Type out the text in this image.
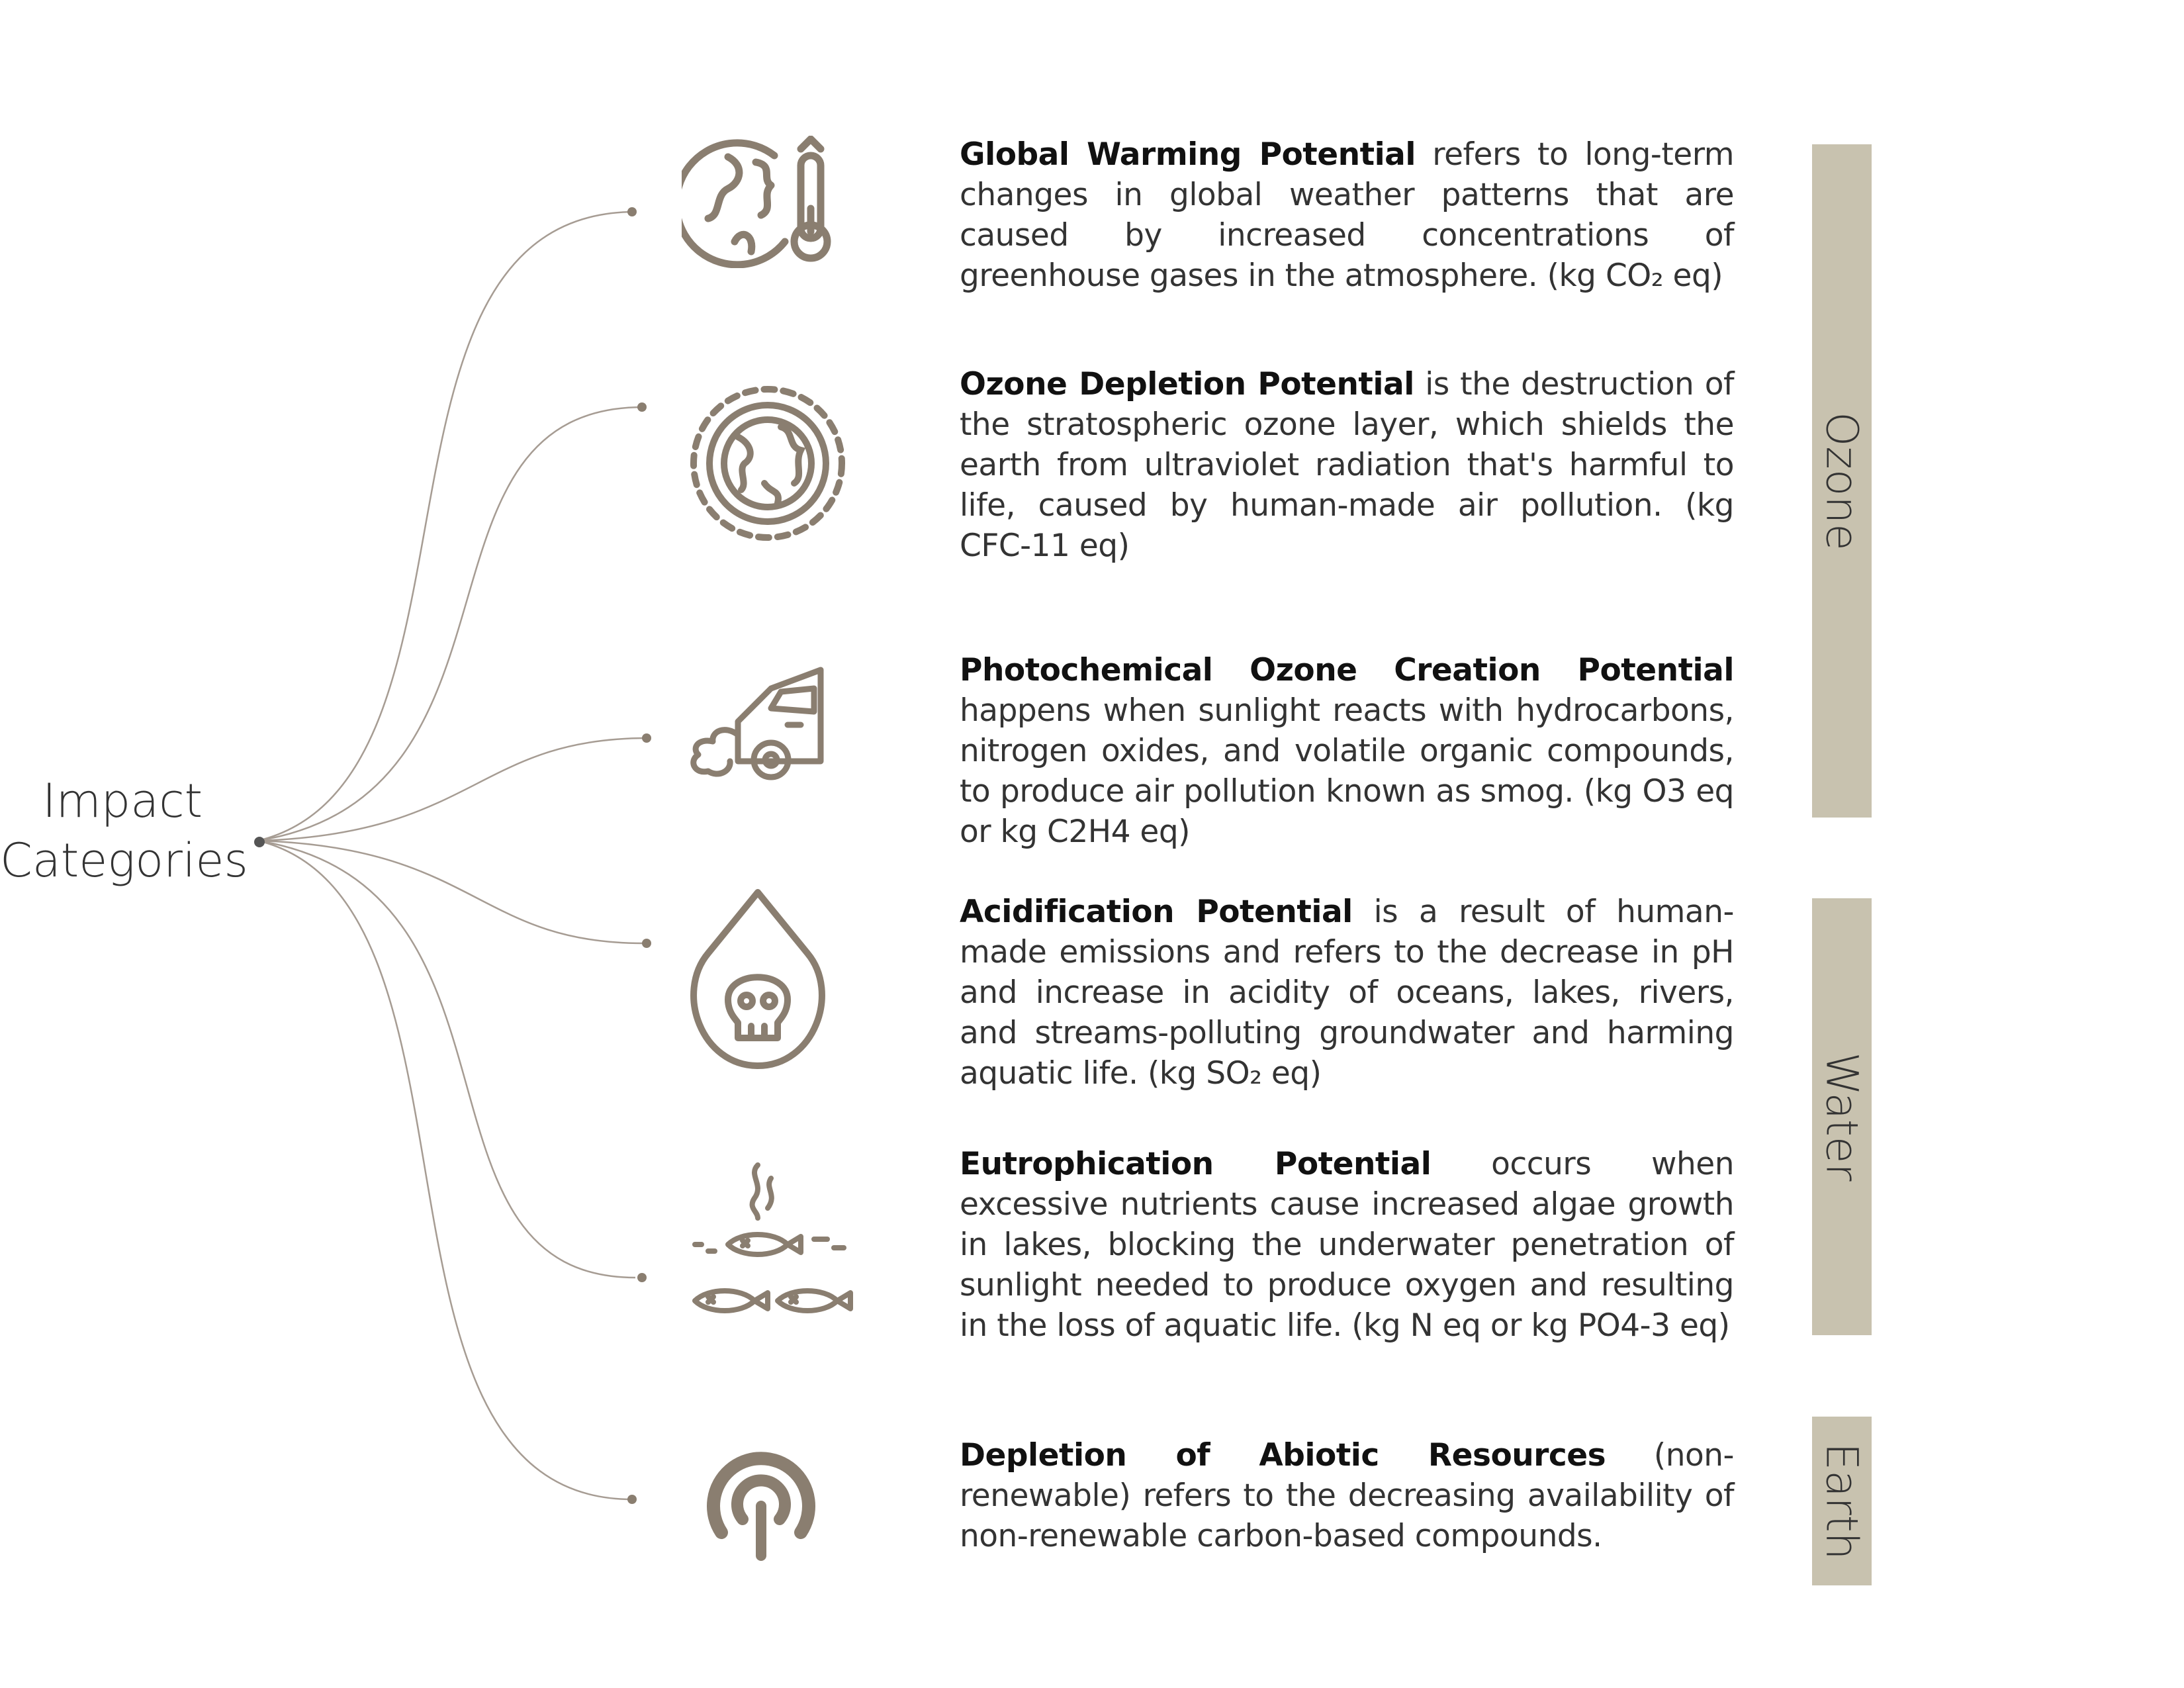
Impact
Categories
Global Warming Potential refers to long-term changes in global weather patterns that are caused by increased concentrations of greenhouse gases in the atmosphere. (kg CO₂ eq)
Ozone Depletion Potential is the destruction of the stratospheric ozone layer, which shields the earth from ultraviolet radiation that's harmful to life, caused by human-made air pollution. (kg CFC-11 eq)
Photochemical Ozone Creation Potential happens when sunlight reacts with hydrocarbons, nitrogen oxides, and volatile organic compounds, to produce air pollution known as smog. (kg O3 eq or kg C2H4 eq)
Acidification Potential is a result of human-made emissions and refers to the decrease in pH and increase in acidity of oceans, lakes, rivers, and streams-polluting groundwater and harming aquatic life. (kg SO₂ eq)
Eutrophication Potential occurs when excessive nutrients cause increased algae growth in lakes, blocking the underwater penetration of sunlight needed to produce oxygen and resulting in the loss of aquatic life. (kg N eq or kg PO4-3 eq)
Depletion of Abiotic Resources (non-renewable) refers to the decreasing availability of non-renewable carbon-based compounds.
Ozone
Water
Earth
